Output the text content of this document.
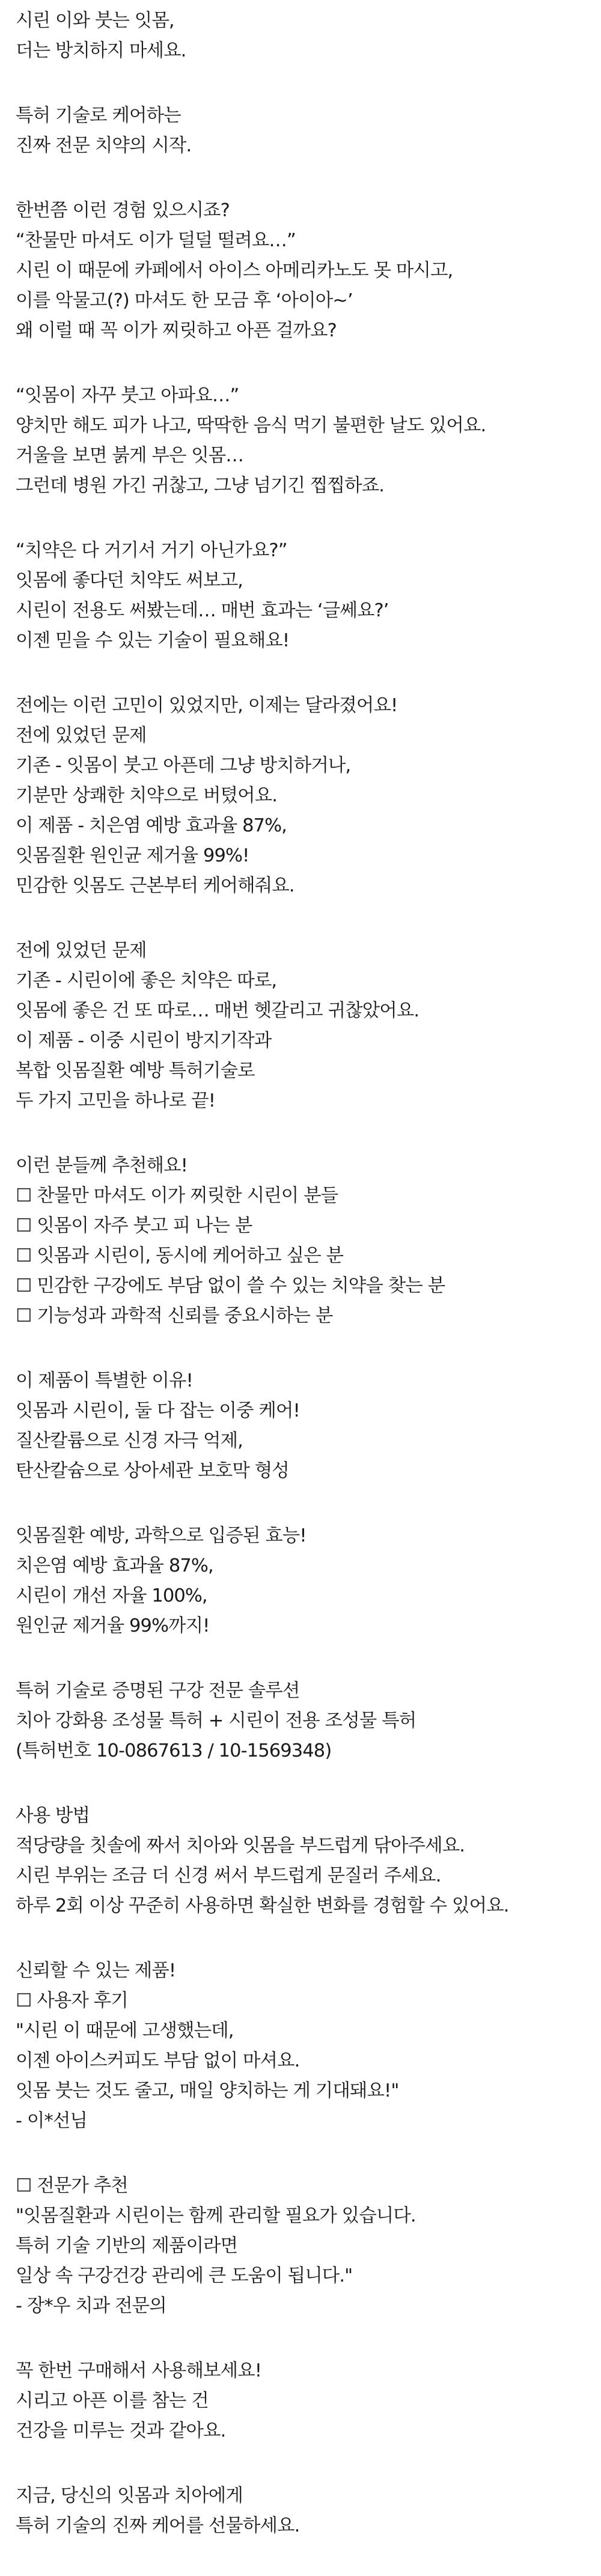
시린 이와 붓는 잇몸,
더는 방치하지 마세요.
특허 기술로 케어하는
진짜 전문 치약의 시작.
한번쯤 이런 경험 있으시죠?
“찬물만 마셔도 이가 덜덜 떨려요…”
시린 이 때문에 카페에서 아이스 아메리카노도 못 마시고,
이를 악물고(?) 마셔도 한 모금 후 ‘아이아~’
왜 이럴 때 꼭 이가 찌릿하고 아픈 걸까요?
“잇몸이 자꾸 붓고 아파요…”
양치만 해도 피가 나고, 딱딱한 음식 먹기 불편한 날도 있어요.
거울을 보면 붉게 부은 잇몸…
그런데 병원 가긴 귀찮고, 그냥 넘기긴 찝찝하죠.
“치약은 다 거기서 거기 아닌가요?”
잇몸에 좋다던 치약도 써보고,
시린이 전용도 써봤는데… 매번 효과는 ‘글쎄요?’
이젠 믿을 수 있는 기술이 필요해요!
전에는 이런 고민이 있었지만, 이제는 달라졌어요!
전에 있었던 문제
기존 - 잇몸이 붓고 아픈데 그냥 방치하거나,
기분만 상쾌한 치약으로 버텼어요.
이 제품 - 치은염 예방 효과율 87%,
잇몸질환 원인균 제거율 99%!
민감한 잇몸도 근본부터 케어해줘요.
전에 있었던 문제
기존 - 시린이에 좋은 치약은 따로,
잇몸에 좋은 건 또 따로… 매번 헷갈리고 귀찮았어요.
이 제품 - 이중 시린이 방지기작과
복합 잇몸질환 예방 특허기술로
두 가지 고민을 하나로 끝!
이런 분들께 추천해요!
☐ 찬물만 마셔도 이가 찌릿한 시린이 분들
☐ 잇몸이 자주 붓고 피 나는 분
☐ 잇몸과 시린이, 동시에 케어하고 싶은 분
☐ 민감한 구강에도 부담 없이 쓸 수 있는 치약을 찾는 분
☐ 기능성과 과학적 신뢰를 중요시하는 분
이 제품이 특별한 이유!
잇몸과 시린이, 둘 다 잡는 이중 케어!
질산칼륨으로 신경 자극 억제,
탄산칼슘으로 상아세관 보호막 형성
잇몸질환 예방, 과학으로 입증된 효능!
치은염 예방 효과율 87%,
시린이 개선 자율 100%,
원인균 제거율 99%까지!
특허 기술로 증명된 구강 전문 솔루션
치아 강화용 조성물 특허 + 시린이 전용 조성물 특허
(특허번호 10-0867613 / 10-1569348)
사용 방법
적당량을 칫솔에 짜서 치아와 잇몸을 부드럽게 닦아주세요.
시린 부위는 조금 더 신경 써서 부드럽게 문질러 주세요.
하루 2회 이상 꾸준히 사용하면 확실한 변화를 경험할 수 있어요.
신뢰할 수 있는 제품!
☐ 사용자 후기
"시린 이 때문에 고생했는데,
이젠 아이스커피도 부담 없이 마셔요.
잇몸 붓는 것도 줄고, 매일 양치하는 게 기대돼요!"
- 이*선님
☐ 전문가 추천
"잇몸질환과 시린이는 함께 관리할 필요가 있습니다.
특허 기술 기반의 제품이라면
일상 속 구강건강 관리에 큰 도움이 됩니다."
- 장*우 치과 전문의
꼭 한번 구매해서 사용해보세요!
시리고 아픈 이를 참는 건
건강을 미루는 것과 같아요.
지금, 당신의 잇몸과 치아에게
특허 기술의 진짜 케어를 선물하세요.
